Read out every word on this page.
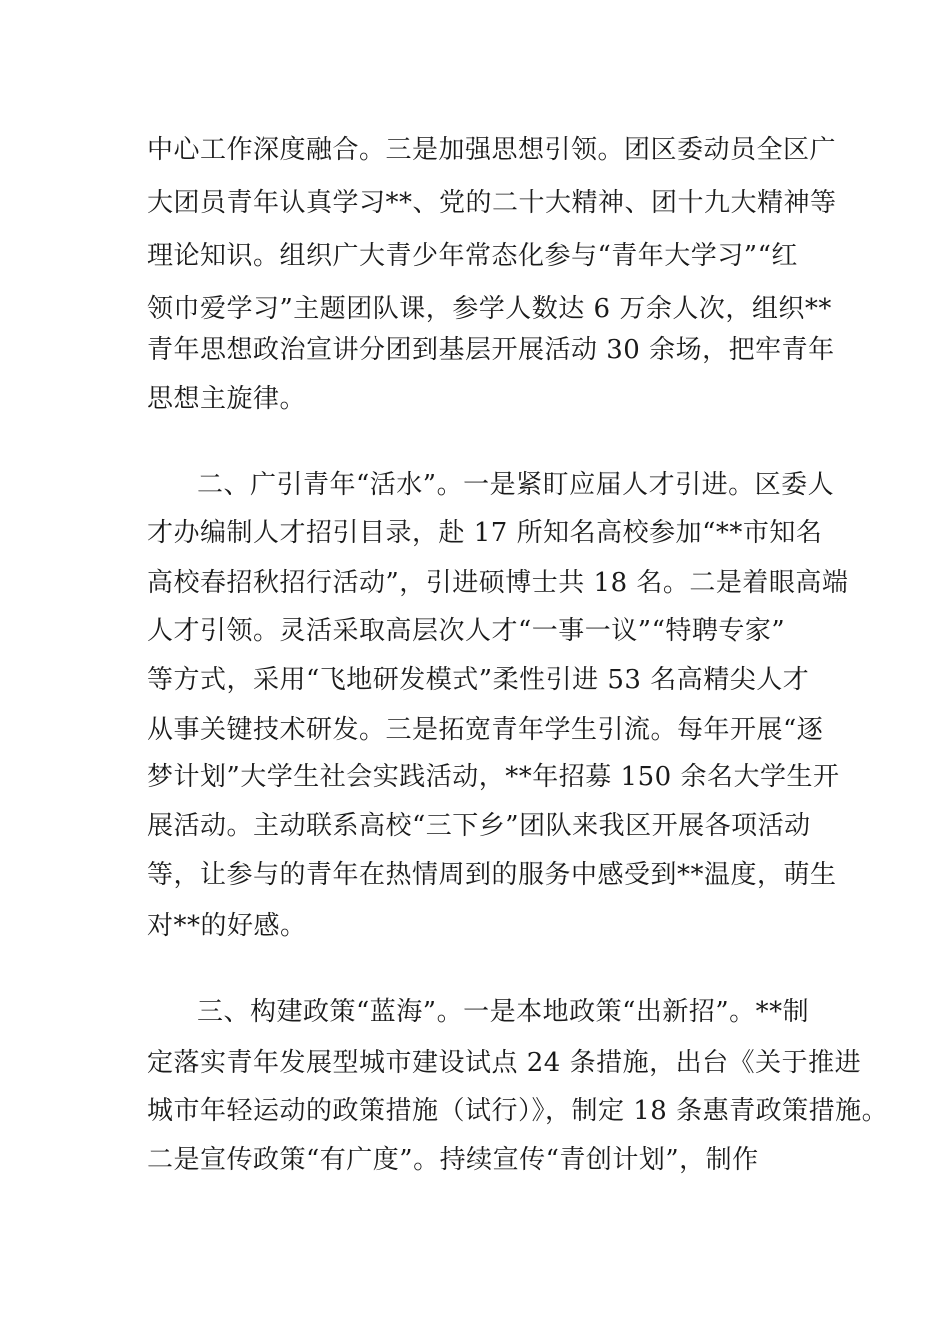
中心工作深度融合。三是加强思想引领。团区委动员全区广
大团员青年认真学习**、党的二十大精神、团十九大精神等
理论知识。组织广大青少年常态化参与“青年大学习”“红
领巾爱学习”主题团队课，参学人数达 6 万余人次，组织**
青年思想政治宣讲分团到基层开展活动 30 余场，把牢青年
思想主旋律。
二、广引青年“活水”。一是紧盯应届人才引进。区委人
才办编制人才招引目录，赴 17 所知名高校参加“**市知名
高校春招秋招行活动”，引进硕博士共 18 名。二是着眼高端
人才引领。灵活采取高层次人才“一事一议”“特聘专家”
等方式，采用“飞地研发模式”柔性引进 53 名高精尖人才
从事关键技术研发。三是拓宽青年学生引流。每年开展“逐
梦计划”大学生社会实践活动，**年招募 150 余名大学生开
展活动。主动联系高校“三下乡”团队来我区开展各项活动
等，让参与的青年在热情周到的服务中感受到**温度，萌生
对**的好感。
三、构建政策“蓝海”。一是本地政策“出新招”。**制
定落实青年发展型城市建设试点 24 条措施，出台《关于推进
城市年轻运动的政策措施（试行）》，制定 18 条惠青政策措施。
二是宣传政策“有广度”。持续宣传“青创计划”，制作
